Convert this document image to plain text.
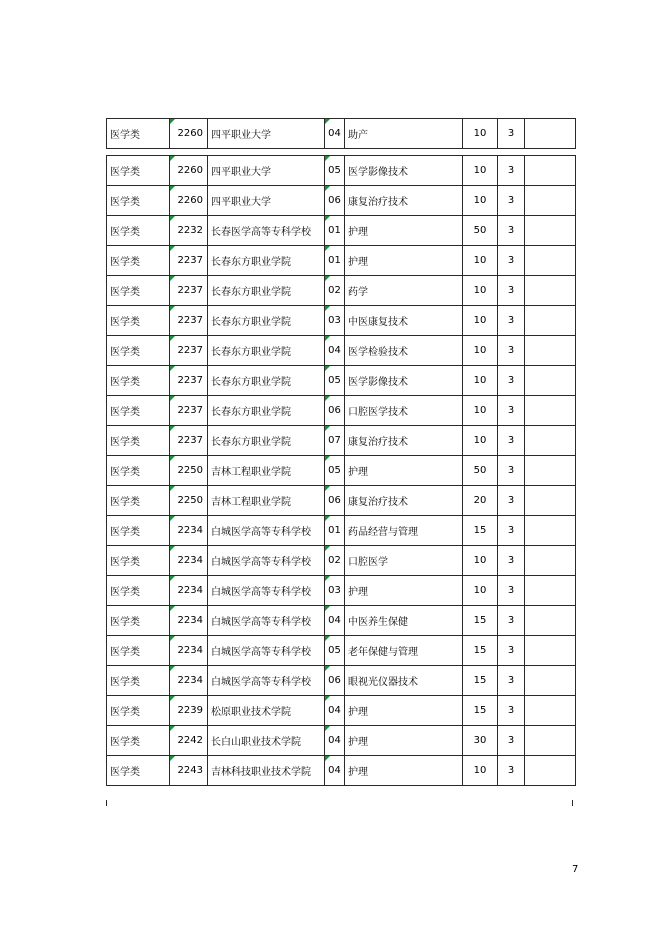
医学类	2260	四平职业大学	04	助产	10	3	
医学类	2260	四平职业大学	05	医学影像技术	10	3	
医学类	2260	四平职业大学	06	康复治疗技术	10	3	
医学类	2232	长春医学高等专科学校	01	护理	50	3	
医学类	2237	长春东方职业学院	01	护理	10	3	
医学类	2237	长春东方职业学院	02	药学	10	3	
医学类	2237	长春东方职业学院	03	中医康复技术	10	3	
医学类	2237	长春东方职业学院	04	医学检验技术	10	3	
医学类	2237	长春东方职业学院	05	医学影像技术	10	3	
医学类	2237	长春东方职业学院	06	口腔医学技术	10	3	
医学类	2237	长春东方职业学院	07	康复治疗技术	10	3	
医学类	2250	吉林工程职业学院	05	护理	50	3	
医学类	2250	吉林工程职业学院	06	康复治疗技术	20	3	
医学类	2234	白城医学高等专科学校	01	药品经营与管理	15	3	
医学类	2234	白城医学高等专科学校	02	口腔医学	10	3	
医学类	2234	白城医学高等专科学校	03	护理	10	3	
医学类	2234	白城医学高等专科学校	04	中医养生保健	15	3	
医学类	2234	白城医学高等专科学校	05	老年保健与管理	15	3	
医学类	2234	白城医学高等专科学校	06	眼视光仪器技术	15	3	
医学类	2239	松原职业技术学院	04	护理	15	3	
医学类	2242	长白山职业技术学院	04	护理	30	3	
医学类	2243	吉林科技职业技术学院	04	护理	10	3	
7
